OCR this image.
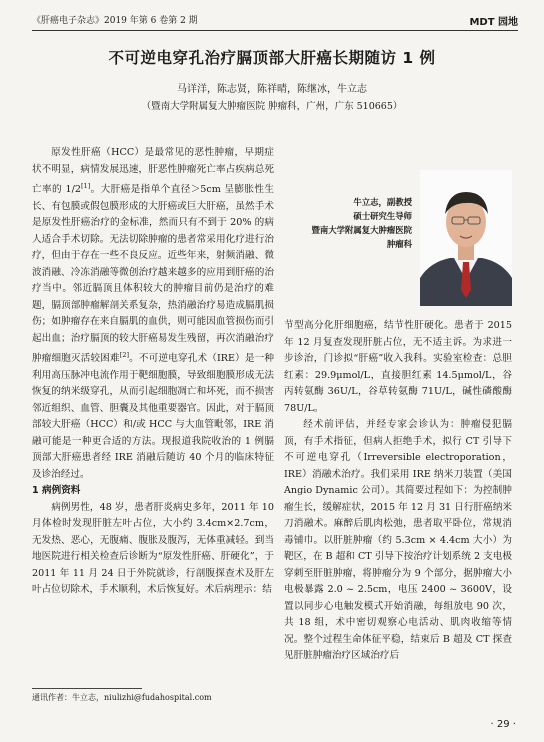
《肝癌电子杂志》2019 年第 6 卷第 2 期	MDT 园地
不可逆电穿孔治疗膈顶部大肝癌长期随访 1 例
马详洋，陈志贤，陈祥晴，陈继冰，牛立志
（暨南大学附属复大肿瘤医院 肿瘤科，广州，广东 510665）

原发性肝癌（HCC）是最常见的恶性肿瘤，早期症状不明显，病情发展迅速，肝恶性肿瘤死亡率占疾病总死亡率的 1/2[1]。大肝癌是指单个直径＞5cm 呈膨胀性生长、有包膜或假包膜形成的大肝癌或巨大肝癌，虽然手术是原发性肝癌治疗的金标准，然而只有不到于 20% 的病人适合手术切除。无法切除肿瘤的患者常采用化疗进行治疗，但由于存在一些不良反应。近些年来，射频消融、微波消融、冷冻消融等微创治疗越来越多的应用到肝癌的治疗当中。邻近膈顶且体积较大的肿瘤目前仍是治疗的难题，膈顶部肿瘤解剖关系复杂，热消融治疗易造成膈肌损伤；如肿瘤存在来自膈肌的血供，则可能因血管损伤而引起出血；治疗膈顶的较大肝癌易发生残留，再次消融治疗肿瘤细胞灭活较困难[2]。不可逆电穿孔术（IRE）是一种利用高压脉冲电流作用于靶细胞膜，导致细胞膜形成无法恢复的纳米级穿孔，从而引起细胞凋亡和坏死，而不损害邻近组织、血管、胆囊及其他重要器官。因此，对于膈顶部较大肝癌（HCC）和/或 HCC 与大血管毗邻，IRE 消融可能是一种更合适的方法。现报道我院收治的 1 例膈顶部大肝癌患者经 IRE 消融后随访 40 个月的临床特征及诊治经过。

1 病例资料

病例男性，48 岁，患者肝炎病史多年，2011 年 10 月体检时发现肝脏左叶占位，大小约 3.4cm×2.7cm，无发热、恶心，无腹痛、腹胀及腹泻，无体重减轻。到当地医院进行相关检查后诊断为“原发性肝癌、肝硬化”，于 2011 年 11 月 24 日于外院就诊，行剖腹探查术及肝左叶占位切除术，手术顺利，术后恢复好。术后病理示：结

牛立志，副教授
硕士研究生导师
暨南大学附属复大肿瘤医院
肿瘤科

节型高分化肝细胞癌，结节性肝硬化。患者于 2015 年 12 月复查发现肝脏占位，无不适主诉。为求进一步诊治，门诊拟“肝癌”收入我科。实验室检查：总胆红素：29.9μmol/L，直接胆红素 14.5μmol/L，谷丙转氨酶 36U/L，谷草转氨酶 71U/L，碱性磷酸酶 78U/L。

经术前评估，并经专家会诊认为：肿瘤侵犯膈顶，有手术指征，但病人拒绝手术，拟行 CT 引导下不可逆电穿孔（Irreversible electroporation，IRE）消融术治疗。我们采用 IRE 纳米刀装置（美国 Angio Dynamic 公司）。其简要过程如下：为控制肿瘤生长，缓解症状，2015 年 12 月 31 日行肝癌纳米刀消融术。麻醉后肌肉松弛，患者取平卧位，常规消毒铺巾。以肝脏肿瘤（约 5.3cm × 4.4cm 大小）为靶区，在 B 超和 CT 引导下按治疗计划系统 2 支电极穿刺至肝脏肿瘤，将肿瘤分为 9 个部分，据肿瘤大小电极暴露 2.0 ~ 2.5cm，电压 2400 ~ 3600V，设置以同步心电触发模式开始消融，每组放电 90 次，共 18 组，术中密切观察心电活动、肌肉收缩等情况。整个过程生命体征平稳，结束后 B 超及 CT 探查见肝脏肿瘤治疗区域治疗后

通讯作者：牛立志，niulizhi@fudahospital.com
· 29 ·
